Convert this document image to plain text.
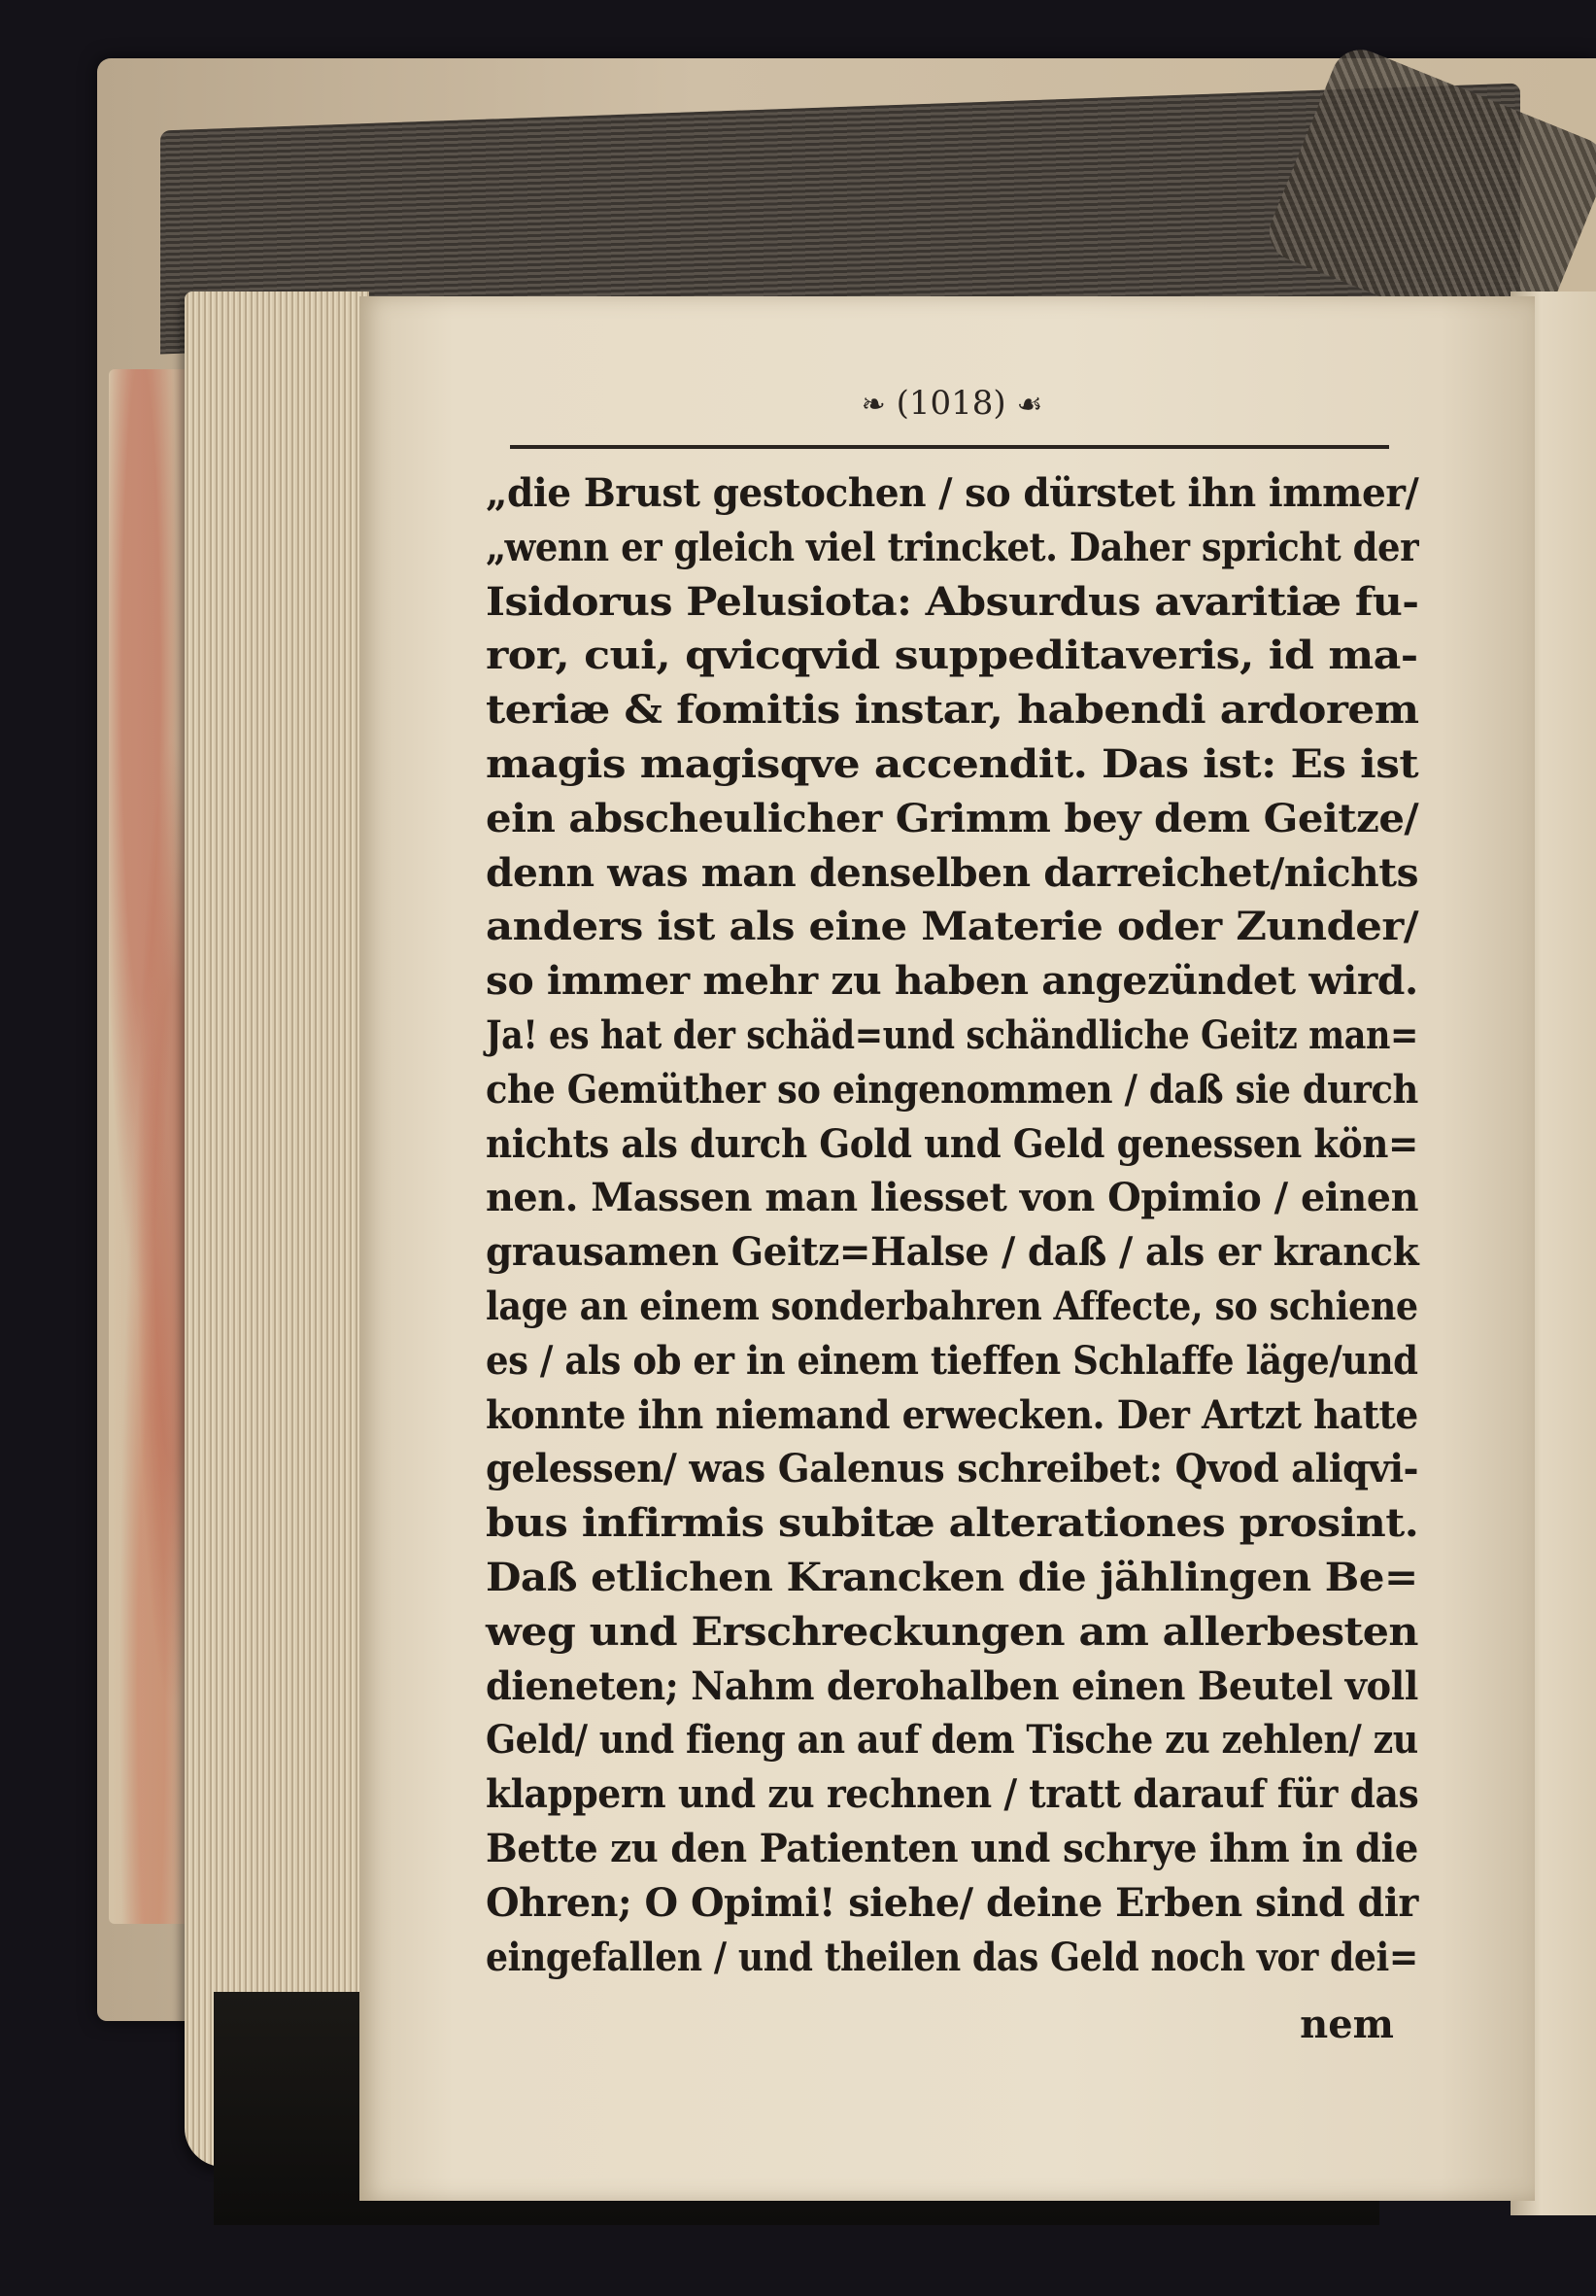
❧ (1018) ☙
„die Brust gestochen / so dürstet ihn immer/
„wenn er gleich viel trincket. Daher spricht der
Isidorus Pelusiota: Absurdus avaritiæ fu-
ror, cui, qvicqvid suppeditaveris, id ma-
teriæ & fomitis instar, habendi ardorem
magis magisqve accendit. Das ist: Es ist
ein abscheulicher Grimm bey dem Geitze/
denn was man denselben darreichet/nichts
anders ist als eine Materie oder Zunder/
so immer mehr zu haben angezündet wird.
Ja! es hat der schäd=und schändliche Geitz man=
che Gemüther so eingenommen / daß sie durch
nichts als durch Gold und Geld genessen kön=
nen. Massen man liesset von Opimio / einen
grausamen Geitz=Halse / daß / als er kranck
lage an einem sonderbahren Affecte, so schiene
es / als ob er in einem tieffen Schlaffe läge/und
konnte ihn niemand erwecken. Der Artzt hatte
gelessen/ was Galenus schreibet: Qvod aliqvi-
bus infirmis subitæ alterationes prosint.
Daß etlichen Krancken die jählingen Be=
weg und Erschreckungen am allerbesten
dieneten; Nahm derohalben einen Beutel voll
Geld/ und fieng an auf dem Tische zu zehlen/ zu
klappern und zu rechnen / tratt darauf für das
Bette zu den Patienten und schrye ihm in die
Ohren; O Opimi! siehe/ deine Erben sind dir
eingefallen / und theilen das Geld noch vor dei=
nem
